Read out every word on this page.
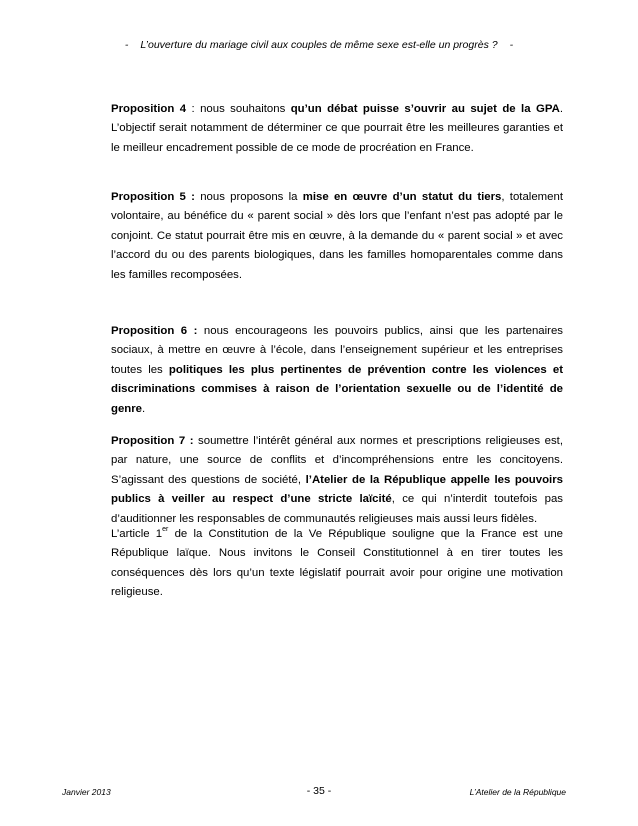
- L’ouverture du mariage civil aux couples de même sexe est-elle un progrès ? -

Proposition 4 : nous souhaitons qu’un débat puisse s’ouvrir au sujet de la GPA. L’objectif serait notamment de déterminer ce que pourrait être les meilleures garanties et le meilleur encadrement possible de ce mode de procréation en France.

Proposition 5 : nous proposons la mise en œuvre d’un statut du tiers, totalement volontaire, au bénéfice du « parent social » dès lors que l’enfant n’est pas adopté par le conjoint. Ce statut pourrait être mis en œuvre, à la demande du « parent social » et avec l’accord du ou des parents biologiques, dans les familles homoparentales comme dans les familles recomposées.

Proposition 6 : nous encourageons les pouvoirs publics, ainsi que les partenaires sociaux, à mettre en œuvre à l’école, dans l’enseignement supérieur et les entreprises toutes les politiques les plus pertinentes de prévention contre les violences et discriminations commises à raison de l’orientation sexuelle ou de l’identité de genre.

Proposition 7 : soumettre l’intérêt général aux normes et prescriptions religieuses est, par nature, une source de conflits et d’incompréhensions entre les concitoyens. S’agissant des questions de société, l’Atelier de la République appelle les pouvoirs publics à veiller au respect d’une stricte laïcité, ce qui n’interdit toutefois pas d’auditionner les responsables de communautés religieuses mais aussi leurs fidèles.

L’article 1er de la Constitution de la Ve République souligne que la France est une République laïque. Nous invitons le Conseil Constitutionnel à en tirer toutes les conséquences dès lors qu’un texte législatif pourrait avoir pour origine une motivation religieuse.

Janvier 2013	- 35 -	L’Atelier de la République
